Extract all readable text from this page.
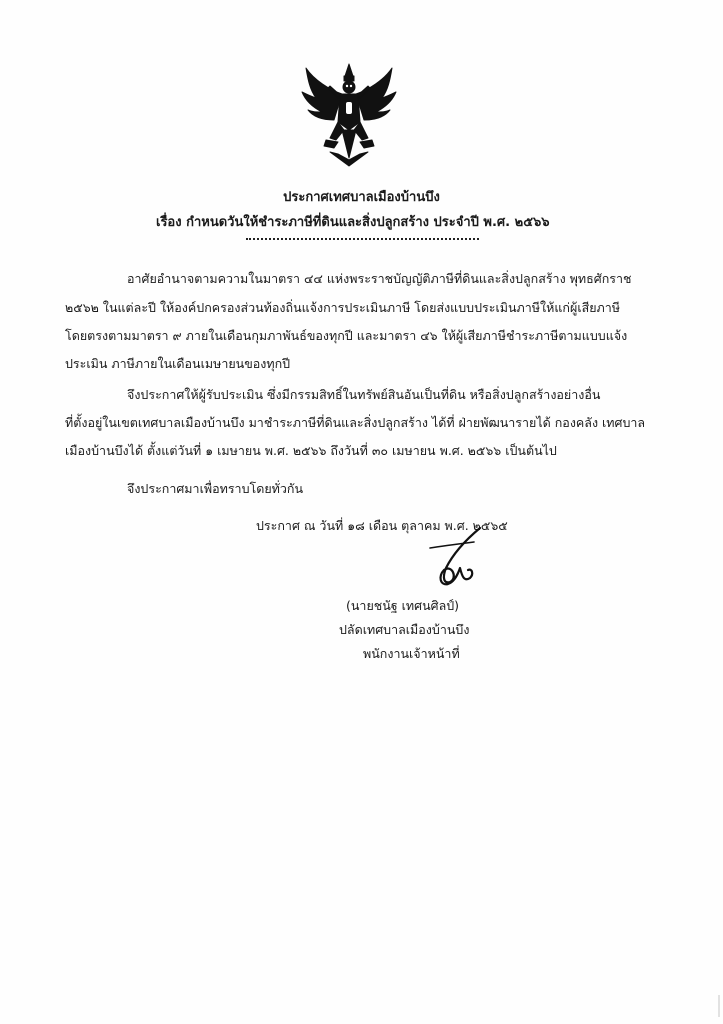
ประกาศเทศบาลเมืองบ้านบึง
เรื่อง กำหนดวันให้ชำระภาษีที่ดินและสิ่งปลูกสร้าง ประจำปี พ.ศ. ๒๕๖๖
อาศัยอำนาจตามความในมาตรา ๔๔ แห่งพระราชบัญญัติภาษีที่ดินและสิ่งปลูกสร้าง พุทธศักราช
๒๕๖๒ ในแต่ละปี ให้องค์ปกครองส่วนท้องถิ่นแจ้งการประเมินภาษี โดยส่งแบบประเมินภาษีให้แก่ผู้เสียภาษี
โดยตรงตามมาตรา ๙ ภายในเดือนกุมภาพันธ์ของทุกปี และมาตรา ๔๖ ให้ผู้เสียภาษีชำระภาษีตามแบบแจ้ง
ประเมิน ภาษีภายในเดือนเมษายนของทุกปี
จึงประกาศให้ผู้รับประเมิน ซึ่งมีกรรมสิทธิ์ในทรัพย์สินอันเป็นที่ดิน หรือสิ่งปลูกสร้างอย่างอื่น
ที่ตั้งอยู่ในเขตเทศบาลเมืองบ้านบึง มาชำระภาษีที่ดินและสิ่งปลูกสร้าง ได้ที่ ฝ่ายพัฒนารายได้ กองคลัง เทศบาล
เมืองบ้านบึงได้ ตั้งแต่วันที่ ๑ เมษายน พ.ศ. ๒๕๖๖ ถึงวันที่ ๓๐ เมษายน พ.ศ. ๒๕๖๖ เป็นต้นไป
จึงประกาศมาเพื่อทราบโดยทั่วกัน
ประกาศ ณ วันที่ ๑๘ เดือน ตุลาคม พ.ศ. ๒๕๖๕
(นายชนัฐ เทศนศิลป์)
ปลัดเทศบาลเมืองบ้านบึง
พนักงานเจ้าหน้าที่
